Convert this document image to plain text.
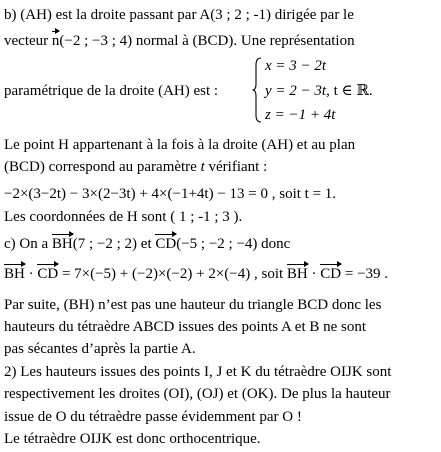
b) (AH) est la droite passant par A(3 ; 2 ; -1) dirigée par le
vecteur n(−2 ; −3 ; 4) normal à (BCD). Une représentation
paramétrique de la droite (AH) est :
x = 3 − 2t
y = 2 − 3t, t ∈ ℝ.
z = −1 + 4t
Le point H appartenant à la fois à la droite (AH) et au plan
(BCD) correspond au paramètre t vérifiant :
−2×(3−2t) − 3×(2−3t) + 4×(−1+4t) − 13 = 0 , soit t = 1.
Les coordonnées de H sont ( 1 ; -1 ; 3 ).
c) On a BH(7 ; −2 ; 2) et CD(−5 ; −2 ; −4) donc
BH · CD = 7×(−5) + (−2)×(−2) + 2×(−4) , soit BH · CD = −39 .
Par suite, (BH) n’est pas une hauteur du triangle BCD donc les
hauteurs du tétraèdre ABCD issues des points A et B ne sont
pas sécantes d’après la partie A.
2) Les hauteurs issues des points I, J et K du tétraèdre OIJK sont
respectivement les droites (OI), (OJ) et (OK). De plus la hauteur
issue de O du tétraèdre passe évidemment par O !
Le tétraèdre OIJK est donc orthocentrique.
